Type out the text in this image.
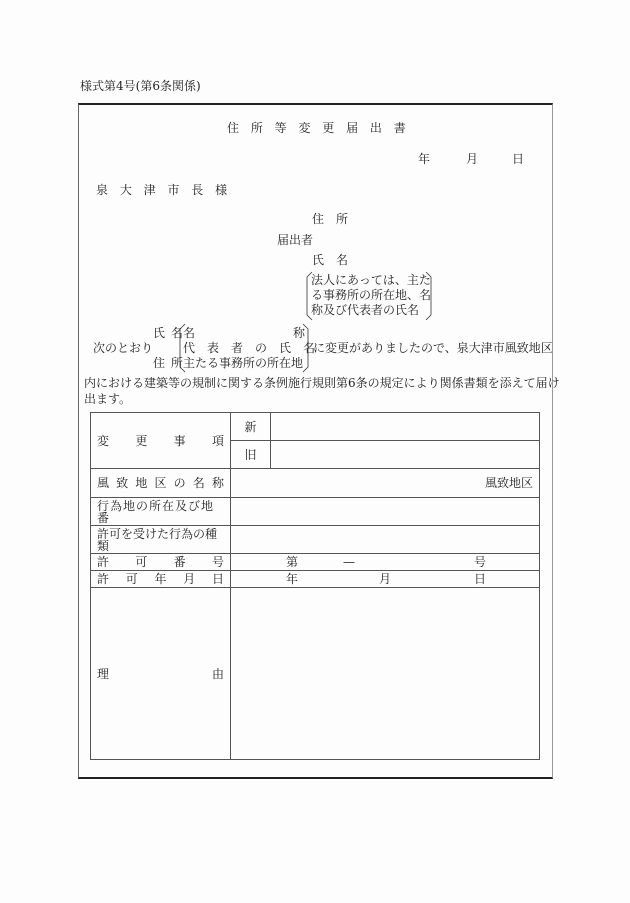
様式第4号(第6条関係)
住 所 等 変 更 届 出 書
年	月	日
泉 大 津 市 長 様
住　所
届出者
氏　名
法人にあっては、主た
る事務所の所在地、名
称及び代表者の氏名
氏 名
次のとおり
住 所
名	称
代　表　者　の　氏　名
主たる事務所の所在地
に変更がありましたので、泉大津市風致地区
内における建築等の規制に関する条例施行規則第6条の規定により関係書類を添えて届け
出ます。
変 更 事 項	新	
	旧	

風 致 地 区 の 名 称	風致地区
行為地の所在及び地番		
許可を受けた行為の種類		

許 可 番 号	第 — 号	

許 可 年 月 日	年 月 日	

理 由		
